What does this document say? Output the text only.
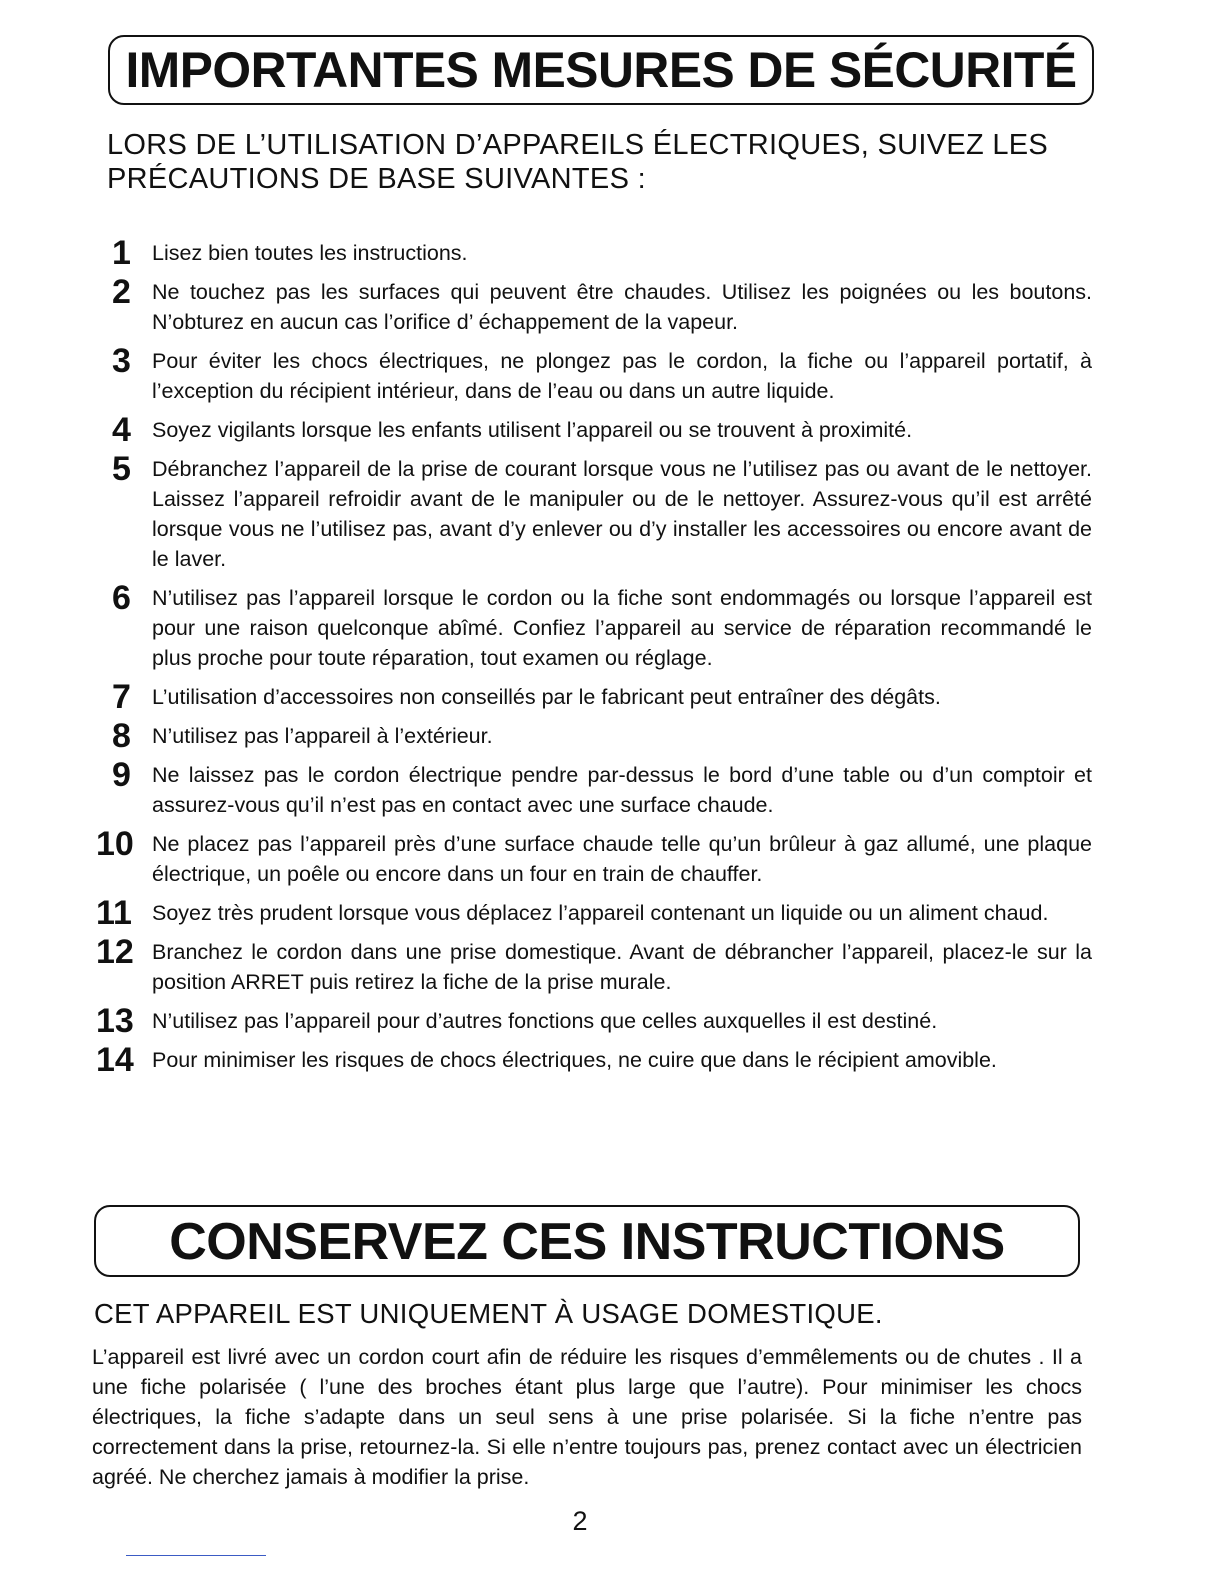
IMPORTANTES MESURES DE SÉCURITÉ
LORS DE L’UTILISATION D’APPAREILS ÉLECTRIQUES, SUIVEZ LES PRÉCAUTIONS DE BASE SUIVANTES :
1 Lisez bien toutes les instructions.
2 Ne touchez pas les surfaces qui peuvent être chaudes. Utilisez les poignées ou les boutons. N’obturez en aucun cas l’orifice d’ échappement de la vapeur.
3 Pour éviter les chocs électriques, ne plongez pas le cordon, la fiche ou l’appareil portatif, à l’exception du récipient intérieur, dans de l’eau ou dans un autre liquide.
4 Soyez vigilants lorsque les enfants utilisent l’appareil ou se trouvent à proximité.
5 Débranchez l’appareil de la prise de courant lorsque vous ne l’utilisez pas ou avant de le nettoyer. Laissez l’appareil refroidir avant de le manipuler ou de le nettoyer. Assurez-vous qu’il est arrêté lorsque vous ne l’utilisez pas, avant d’y enlever ou d’y installer les accessoires ou encore avant de le laver.
6 N’utilisez pas l’appareil lorsque le cordon ou la fiche sont endommagés ou lorsque l’appareil est pour une raison quelconque abîmé. Confiez l’appareil au service de réparation recommandé le plus proche pour toute réparation, tout examen ou réglage.
7 L’utilisation d’accessoires non conseillés par le fabricant peut entraîner des dégâts.
8 N’utilisez pas l’appareil à l’extérieur.
9 Ne laissez pas le cordon électrique pendre par-dessus le bord d’une table ou d’un comptoir et assurez-vous qu’il n’est pas en contact avec une surface chaude.
10 Ne placez pas l’appareil près d’une surface chaude telle qu’un brûleur à gaz allumé, une plaque électrique, un poêle ou encore dans un four en train de chauffer.
11 Soyez très prudent lorsque vous déplacez l’appareil contenant un liquide ou un aliment chaud.
12 Branchez le cordon dans une prise domestique. Avant de débrancher l’appareil, placez-le sur la position ARRET puis retirez la fiche de la prise murale.
13 N’utilisez pas l’appareil pour d’autres fonctions que celles auxquelles il est destiné.
14 Pour minimiser les risques de chocs électriques, ne cuire que dans le récipient amovible.
CONSERVEZ CES INSTRUCTIONS
CET APPAREIL EST UNIQUEMENT À USAGE DOMESTIQUE.
L’appareil est livré avec un cordon court afin de réduire les risques d’emmêlements ou de chutes . Il a une fiche polarisée ( l’une des broches étant plus large que l’autre). Pour minimiser les chocs électriques, la fiche s’adapte dans un seul sens à une prise polarisée. Si la fiche n’entre pas correctement dans la prise, retournez-la. Si elle n’entre toujours pas, prenez contact avec un électricien agréé. Ne cherchez jamais à modifier la prise.
2
